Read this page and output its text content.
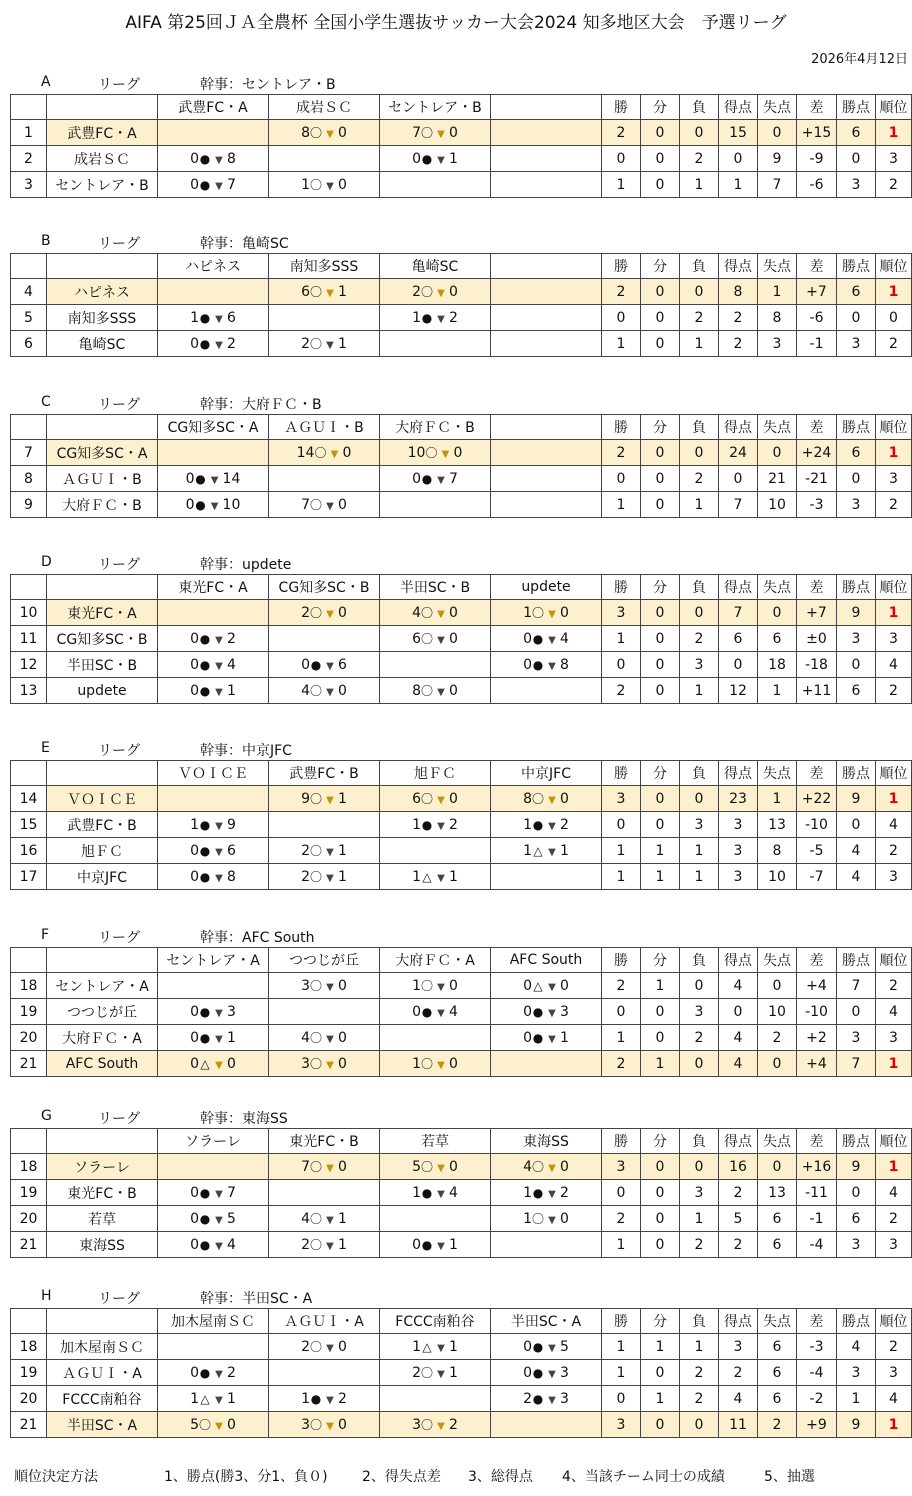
AIFA 第25回ＪＡ全農杯 全国小学生選抜サッカー大会2024 知多地区大会　予選リーグ
2026年4月12日
A	リーグ	幹事：セントレア・B
		武豊FC・A	成岩ＳＣ	セントレア・B		勝	分	負	得点	失点	差	勝点	順位
1	武豊FC・A		8〇 ▼ 0	7〇 ▼ 0		2	0	0	15	0	+15	6	1
2	成岩ＳＣ	0● ▼ 8		0● ▼ 1		0	0	2	0	9	-9	0	3
3	セントレア・B	0● ▼ 7	1〇 ▼ 0			1	0	1	1	7	-6	3	2
B	リーグ	幹事：亀崎SC
		ハピネス	南知多SSS	亀崎SC		勝	分	負	得点	失点	差	勝点	順位
4	ハピネス		6〇 ▼ 1	2〇 ▼ 0		2	0	0	8	1	+7	6	1
5	南知多SSS	1● ▼ 6		1● ▼ 2		0	0	2	2	8	-6	0	0
6	亀崎SC	0● ▼ 2	2〇 ▼ 1			1	0	1	2	3	-1	3	2
C	リーグ	幹事：大府ＦＣ・B
		CG知多SC・A	ＡＧＵＩ・B	大府ＦＣ・B		勝	分	負	得点	失点	差	勝点	順位
7	CG知多SC・A		14〇 ▼ 0	10〇 ▼ 0		2	0	0	24	0	+24	6	1
8	ＡＧＵＩ・B	0● ▼ 14		0● ▼ 7		0	0	2	0	21	-21	0	3
9	大府ＦＣ・B	0● ▼ 10	7〇 ▼ 0			1	0	1	7	10	-3	3	2
D	リーグ	幹事：updete
		東光FC・A	CG知多SC・B	半田SC・B	updete	勝	分	負	得点	失点	差	勝点	順位
10	東光FC・A		2〇 ▼ 0	4〇 ▼ 0	1〇 ▼ 0	3	0	0	7	0	+7	9	1
11	CG知多SC・B	0● ▼ 2		6〇 ▼ 0	0● ▼ 4	1	0	2	6	6	±0	3	3
12	半田SC・B	0● ▼ 4	0● ▼ 6		0● ▼ 8	0	0	3	0	18	-18	0	4
13	updete	0● ▼ 1	4〇 ▼ 0	8〇 ▼ 0		2	0	1	12	1	+11	6	2
E	リーグ	幹事：中京JFC
		ＶＯＩＣＥ	武豊FC・B	旭ＦＣ	中京JFC	勝	分	負	得点	失点	差	勝点	順位
14	ＶＯＩＣＥ		9〇 ▼ 1	6〇 ▼ 0	8〇 ▼ 0	3	0	0	23	1	+22	9	1
15	武豊FC・B	1● ▼ 9		1● ▼ 2	1● ▼ 2	0	0	3	3	13	-10	0	4
16	旭ＦＣ	0● ▼ 6	2〇 ▼ 1		1△ ▼ 1	1	1	1	3	8	-5	4	2
17	中京JFC	0● ▼ 8	2〇 ▼ 1	1△ ▼ 1		1	1	1	3	10	-7	4	3
F	リーグ	幹事：AFC South
		セントレア・A	つつじが丘	大府ＦＣ・A	AFC South	勝	分	負	得点	失点	差	勝点	順位
18	セントレア・A		3〇 ▼ 0	1〇 ▼ 0	0△ ▼ 0	2	1	0	4	0	+4	7	2
19	つつじが丘	0● ▼ 3		0● ▼ 4	0● ▼ 3	0	0	3	0	10	-10	0	4
20	大府ＦＣ・A	0● ▼ 1	4〇 ▼ 0		0● ▼ 1	1	0	2	4	2	+2	3	3
21	AFC South	0△ ▼ 0	3〇 ▼ 0	1〇 ▼ 0		2	1	0	4	0	+4	7	1
G	リーグ	幹事：東海SS
		ソラーレ	東光FC・B	若草	東海SS	勝	分	負	得点	失点	差	勝点	順位
18	ソラーレ		7〇 ▼ 0	5〇 ▼ 0	4〇 ▼ 0	3	0	0	16	0	+16	9	1
19	東光FC・B	0● ▼ 7		1● ▼ 4	1● ▼ 2	0	0	3	2	13	-11	0	4
20	若草	0● ▼ 5	4〇 ▼ 1		1〇 ▼ 0	2	0	1	5	6	-1	6	2
21	東海SS	0● ▼ 4	2〇 ▼ 1	0● ▼ 1		1	0	2	2	6	-4	3	3
H	リーグ	幹事：半田SC・A
		加木屋南ＳＣ	ＡＧＵＩ・A	FCCC南粕谷	半田SC・A	勝	分	負	得点	失点	差	勝点	順位
18	加木屋南ＳＣ		2〇 ▼ 0	1△ ▼ 1	0● ▼ 5	1	1	1	3	6	-3	4	2
19	ＡＧＵＩ・A	0● ▼ 2		2〇 ▼ 1	0● ▼ 3	1	0	2	2	6	-4	3	3
20	FCCC南粕谷	1△ ▼ 1	1● ▼ 2		2● ▼ 3	0	1	2	4	6	-2	1	4
21	半田SC・A	5〇 ▼ 0	3〇 ▼ 0	3〇 ▼ 2		3	0	0	11	2	+9	9	1
順位決定方法	1、勝点(勝3、分1、負０) 2、得失点差 3、総得点 4、当該チーム同士の成績	5、抽選
